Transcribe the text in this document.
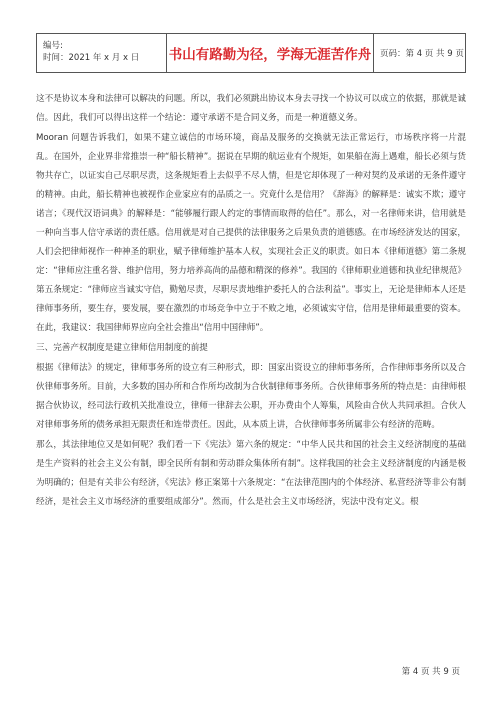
编号:
时间：2021 年 x 月 x 日	书山有路勤为径，学海无涯苦作舟	页码：第 4 页 共 9 页

这不是协议本身和法律可以解决的问题。所以，我们必须跳出协议本身去寻找一个协议可以成立的依据，那就是诚信。因此，我们可以得出这样一个结论：遵守承诺不是合同义务，而是一种道德义务。

Mooran 问题告诉我们，如果不建立诚信的市场环境，商品及服务的交换就无法正常运行，市场秩序将一片混乱。在国外，企业界非常推崇一种“船长精神”。据说在早期的航运业有个规矩，如果船在海上遇难，船长必须与货物共存亡，以证实自己尽职尽责，这条规矩看上去似乎不尽人情，但是它却体现了一种对契约及承诺的无条件遵守的精神。由此，船长精神也被视作企业家应有的品质之一。究竟什么是信用？《辞海》的解释是：诚实不欺；遵守诺言；《现代汉语词典》的解释是：“能够履行跟人约定的事情而取得的信任”。那么，对一名律师来讲，信用就是一种向当事人信守承诺的责任感。信用就是对自己提供的法律服务之后果负责的道德感。在市场经济发达的国家，人们会把律师视作一种神圣的职业，赋予律师维护基本人权，实现社会正义的职责。如日本《律师道德》第二条规定：“律师应注重名誉、维护信用，努力培养高尚的品德和精深的修养”。我国的《律师职业道德和执业纪律规范》第五条规定：“律师应当诚实守信，勤勉尽责，尽职尽责地维护委托人的合法利益”。事实上，无论是律师本人还是律师事务所，要生存，要发展，要在激烈的市场竞争中立于不败之地，必须诚实守信，信用是律师最重要的资本。在此，我建议：我国律师界应向全社会推出“信用中国律师”。

三、完善产权制度是建立律师信用制度的前提

根据《律师法》的规定，律师事务所的设立有三种形式，即：国家出资设立的律师事务所，合作律师事务所以及合伙律师事务所。目前，大多数的国办所和合作所均改制为合伙制律师事务所。合伙律师事务所的特点是：由律师根据合伙协议，经司法行政机关批准设立，律师一律辞去公职，开办费由个人筹集，风险由合伙人共同承担。合伙人对律师事务所的债务承担无限责任和连带责任。因此，从本质上讲，合伙律师事务所属非公有经济的范畴。

那么，其法律地位又是如何呢？我们看一下《宪法》第六条的规定：“中华人民共和国的社会主义经济制度的基础是生产资料的社会主义公有制，即全民所有制和劳动群众集体所有制”。这样我国的社会主义经济制度的内涵是极为明确的；但是有关非公有经济，《宪法》修正案第十六条规定：“在法律范围内的个体经济、私营经济等非公有制经济，是社会主义市场经济的重要组成部分”。然而，什么是社会主义市场经济，宪法中没有定义。根

第 4 页 共 9 页
